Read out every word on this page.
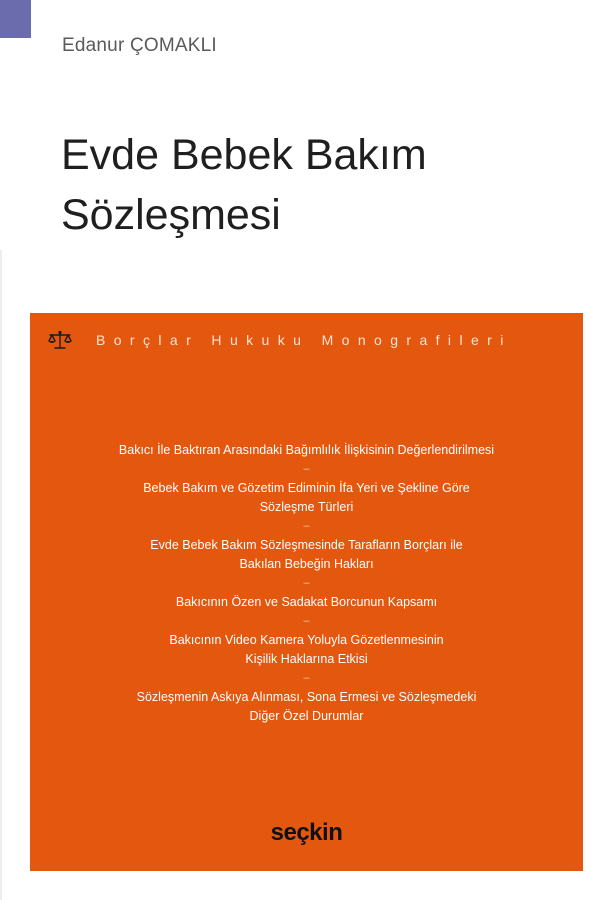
Edanur ÇOMAKLI
Evde Bebek Bakım
Sözleşmesi
Borçlar Hukuku Monografileri

Bakıcı İle Baktıran Arasındaki Bağımlılık İlişkisinin Değerlendirilmesi

–

Bebek Bakım ve Gözetim Ediminin İfa Yeri ve Şekline Göre
Sözleşme Türleri

–

Evde Bebek Bakım Sözleşmesinde Tarafların Borçları ile
Bakılan Bebeğin Hakları

–

Bakıcının Özen ve Sadakat Borcunun Kapsamı

–

Bakıcının Video Kamera Yoluyla Gözetlenmesinin
Kişilik Haklarına Etkisi

–

Sözleşmenin Askıya Alınması, Sona Ermesi ve Sözleşmedeki
Diğer Özel Durumlar

seçkin
